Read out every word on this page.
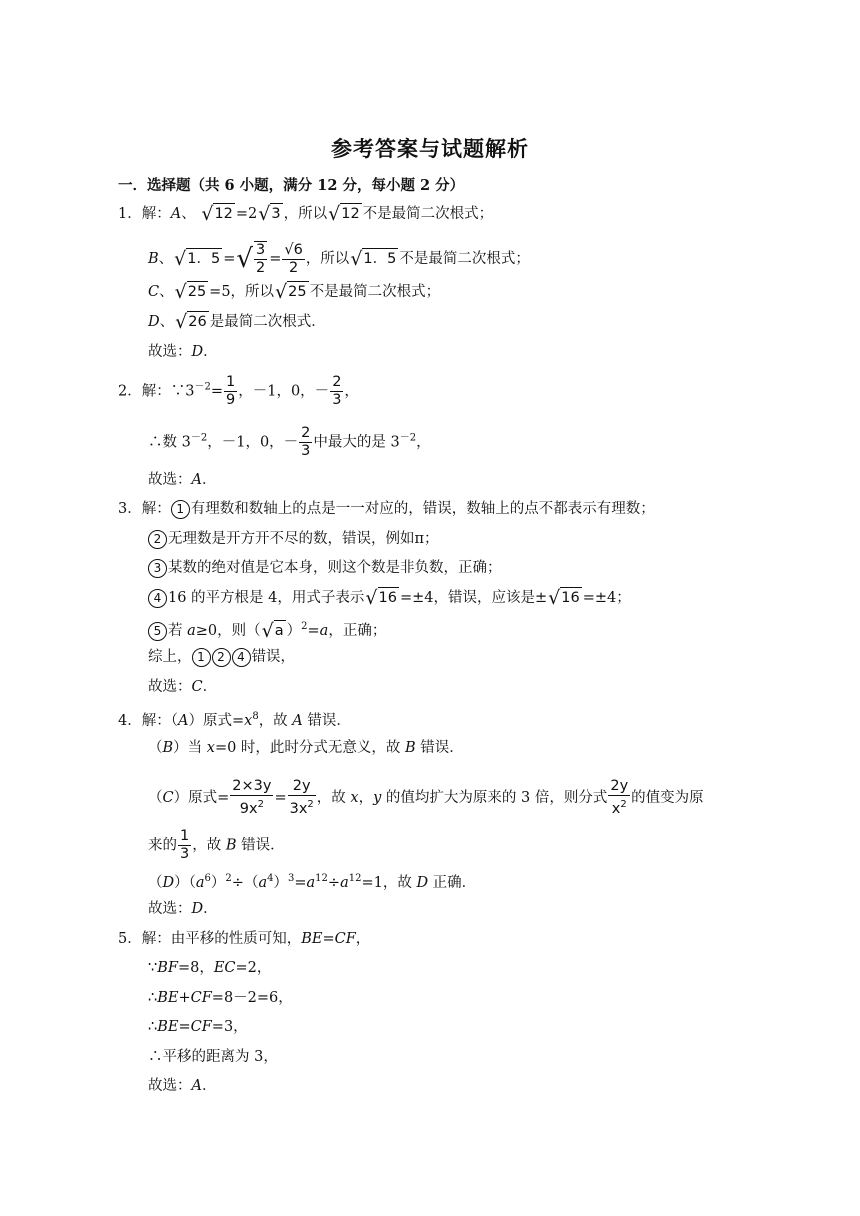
参考答案与试题解析
一．选择题（共 6 小题，满分 12 分，每小题 2 分）
1．解：A、 √ 12 =2 √ 3 ，所以 √ 12 不是最简二次根式；
B、 √ 1．5 = √ $\frac{3}{2} = \frac{√6}{2}$ ，所以 √ 1．5 不是最简二次根式；
C、 √ 25 =5，所以 √ 25 不是最简二次根式；
D、 √ 26 是最简二次根式．
故选：D．
2．解：$\because 3^{-2}= \frac{1}{9}$ ，－1，0，－ $\frac{2}{3}$ ，
∴数 $3^{-2}$，－1，0，－ $\frac{2}{3}$ 中最大的是 $3^{-2}$，
故选：A．
3．解： 1 有理数和数轴上的点是一一对应的，错误，数轴上的点不都表示有理数；
2 无理数是开方开不尽的数，错误，例如π；
3 某数的绝对值是它本身，则这个数是非负数，正确；
4 16 的平方根是 4，用式子表示 √ 16 =±4，错误，应该是± √ 16 =±4；
5 若 a≥0，则（ √ a ）$^2$=a，正确；
综上， 1 2 4 错误，
故选：C．
4．解：（A）原式$=x^8$，故 A 错误．
（B）当 x=0 时，此时分式无意义，故 B 错误．
（C）原式= $\frac{2\times 3y}{9x^2} = \frac{2y}{3x^2}$ ，故 x，y 的值均扩大为原来的 3 倍，则分式 $\frac{2y}{x^2}$ 的值变为原
来的 $\frac{1}{3}$ ，故 B 错误．
$(D)(a^6)^2\div(a^4)^3=a^{12}\div a^{12}=1$，故 D 正确．
故选：D．
5．解：由平移的性质可知，BE=CF，
∵BF=8，EC=2，
∴BE+CF=8－2=6，
∴BE=CF=3，
∴平移的距离为 3，
故选：A．
